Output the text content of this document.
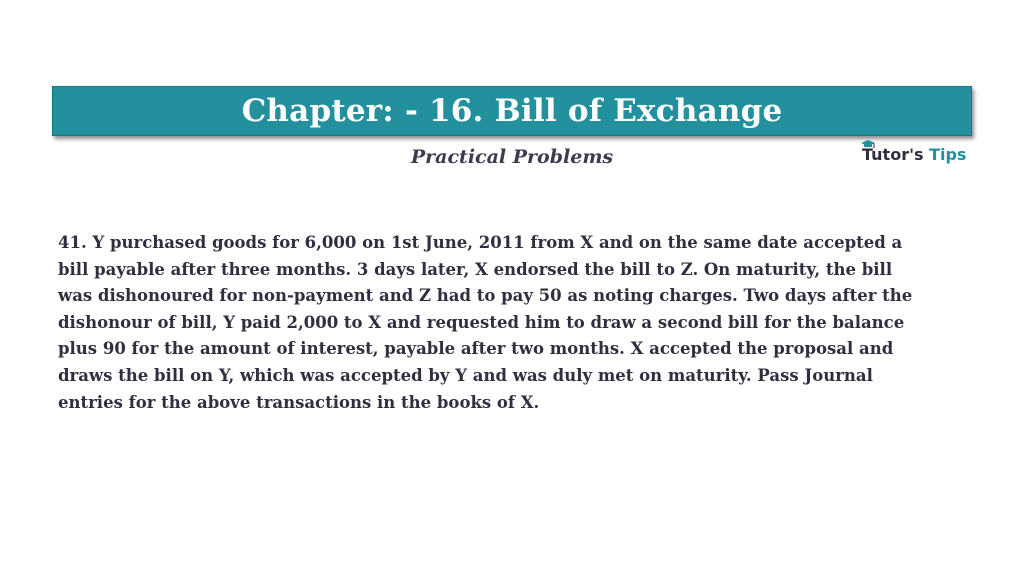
Chapter: - 16. Bill of Exchange
Practical Problems	Tutor's Tips

41. Y purchased goods for 6,000 on 1st June, 2011 from X and on the same date accepted a
bill payable after three months. 3 days later, X endorsed the bill to Z. On maturity, the bill
was dishonoured for non-payment and Z had to pay 50 as noting charges. Two days after the
dishonour of bill, Y paid 2,000 to X and requested him to draw a second bill for the balance
plus 90 for the amount of interest, payable after two months. X accepted the proposal and
draws the bill on Y, which was accepted by Y and was duly met on maturity. Pass Journal
entries for the above transactions in the books of X.
